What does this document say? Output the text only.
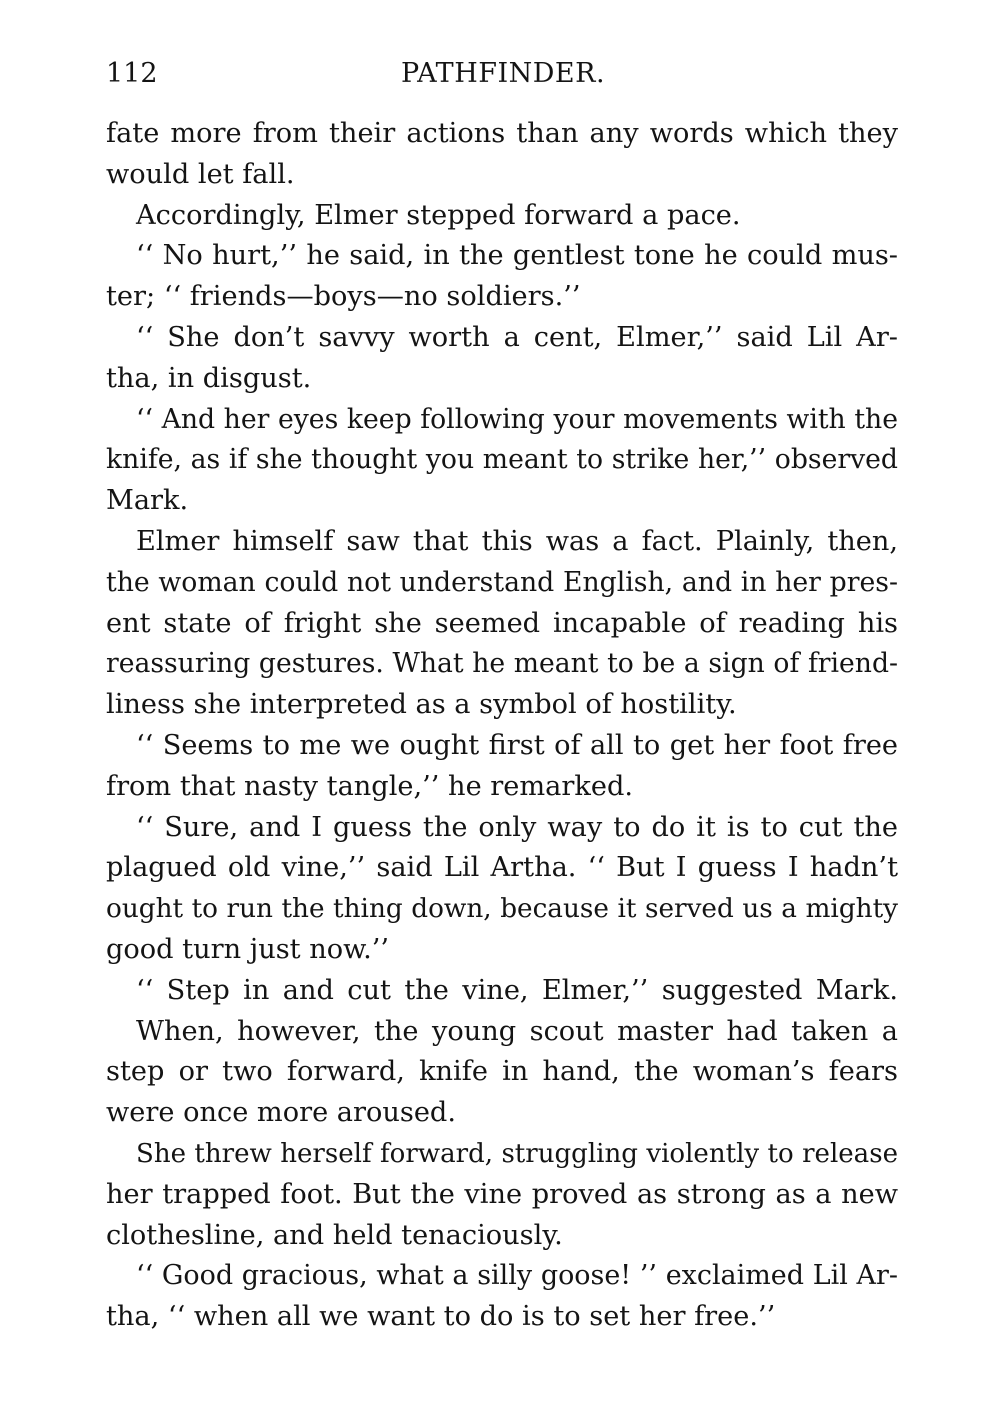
112	PATHFINDER.
fate more from their actions than any words which they
would let fall.
Accordingly, Elmer stepped forward a pace.
‘‘ No hurt,’’ he said, in the gentlest tone he could mus-
ter; ‘‘ friends—boys—no soldiers.’’
‘‘ She don’t savvy worth a cent, Elmer,’’ said Lil Ar-
tha, in disgust.
‘‘ And her eyes keep following your movements with the
knife, as if she thought you meant to strike her,’’ observed
Mark.
Elmer himself saw that this was a fact. Plainly, then,
the woman could not understand English, and in her pres-
ent state of fright she seemed incapable of reading his
reassuring gestures. What he meant to be a sign of friend-
liness she interpreted as a symbol of hostility.
‘‘ Seems to me we ought first of all to get her foot free
from that nasty tangle,’’ he remarked.
‘‘ Sure, and I guess the only way to do it is to cut the
plagued old vine,’’ said Lil Artha. ‘‘ But I guess I hadn’t
ought to run the thing down, because it served us a mighty
good turn just now.’’
‘‘ Step in and cut the vine, Elmer,’’ suggested Mark.
When, however, the young scout master had taken a
step or two forward, knife in hand, the woman’s fears
were once more aroused.
She threw herself forward, struggling violently to release
her trapped foot. But the vine proved as strong as a new
clothesline, and held tenaciously.
‘‘ Good gracious, what a silly goose! ’’ exclaimed Lil Ar-
tha, ‘‘ when all we want to do is to set her free.’’
